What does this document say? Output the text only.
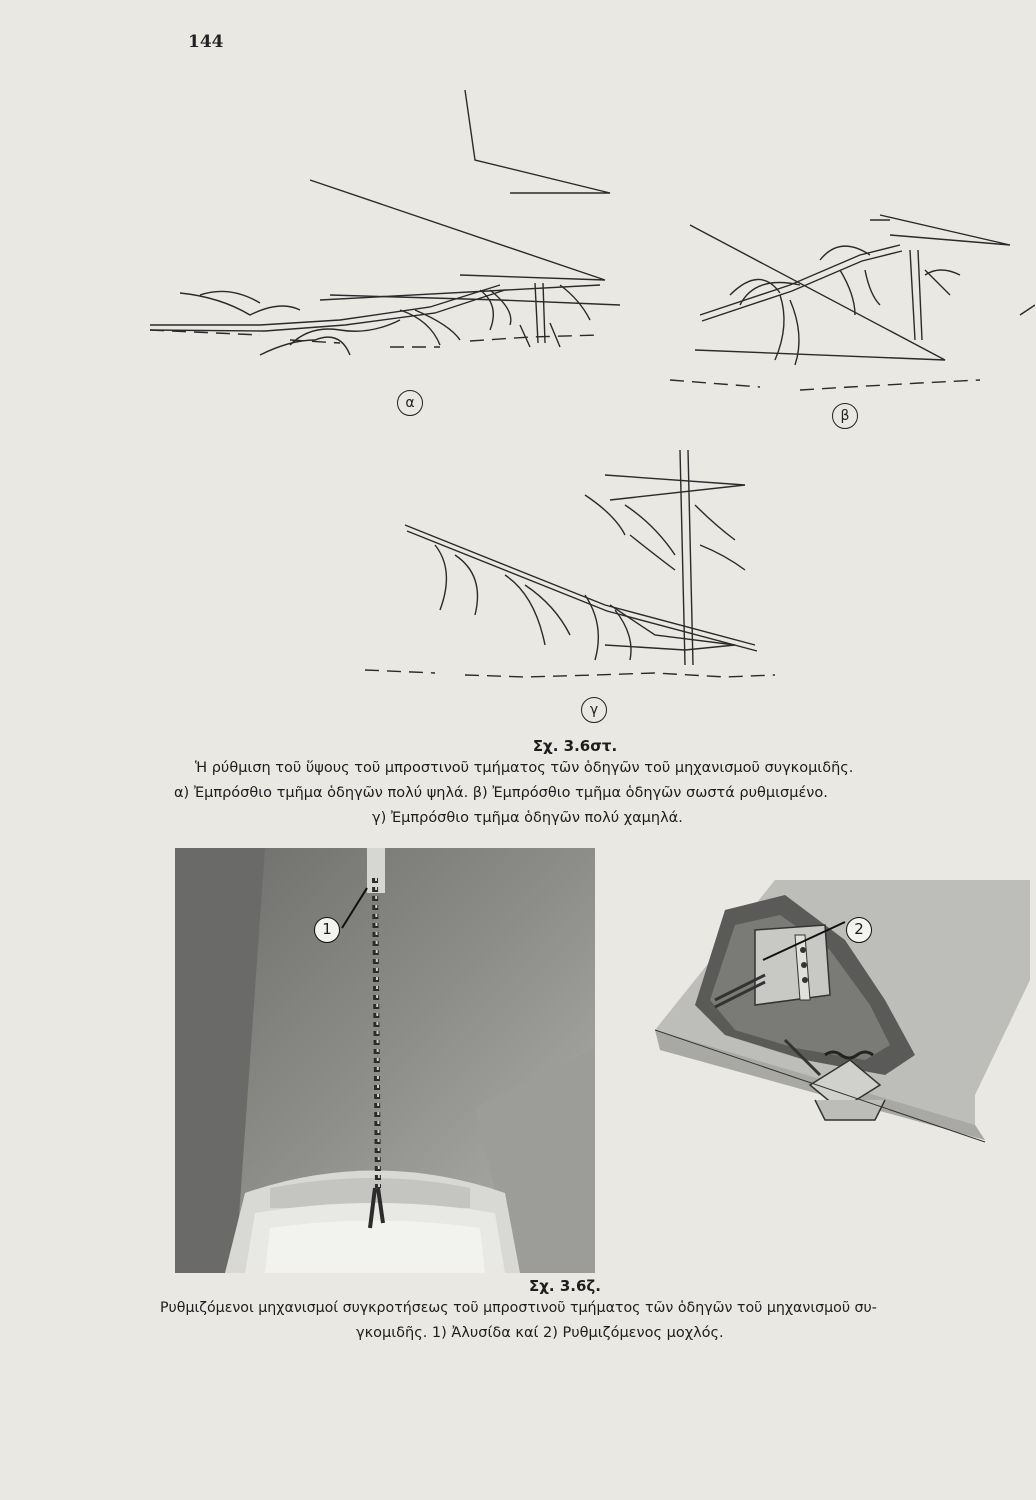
144
α
β
γ
Σχ. 3.6στ.
Ἡ ρύθμιση τοῦ ὕψους τοῦ μπροστινοῦ τμήματος τῶν ὁδηγῶν τοῦ μηχανισμοῦ συγκομιδῆς.
α) Ἐμπρόσθιο τμῆμα ὁδηγῶν πολύ ψηλά. β) Ἐμπρόσθιο τμῆμα ὁδηγῶν σωστά ρυθμισμένο.
γ) Ἐμπρόσθιο τμῆμα ὁδηγῶν πολύ χαμηλά.
1	2
Σχ. 3.6ζ.
Ρυθμιζόμενοι μηχανισμοί συγκροτήσεως τοῦ μπροστινοῦ τμήματος τῶν ὁδηγῶν τοῦ μηχανισμοῦ συ-
γκομιδῆς. 1) Ἀλυσίδα καί 2) Ρυθμιζόμενος μοχλός.
